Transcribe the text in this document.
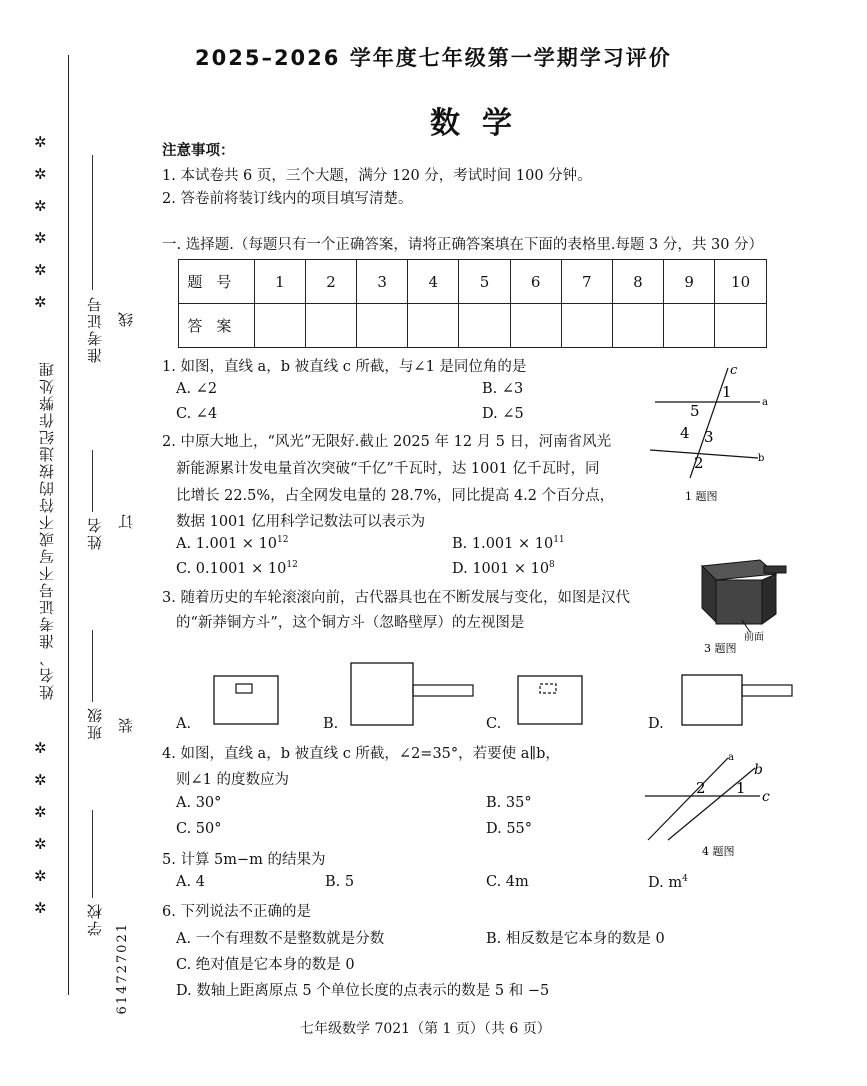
2025–2026 学年度七年级第一学期学习评价
数学
✲
✲
✲
✲
✲
✲
✲
✲
✲
✲
✲
✲
姓名、准考证号不写或不符的按违纪作弊处理
准考证号 线
姓名 订
班级 装
学校
614727021
注意事项：
1. 本试卷共 6 页，三个大题，满分 120 分，考试时间 100 分钟。
2. 答卷前将装订线内的项目填写清楚。
一. 选择题.（每题只有一个正确答案，请将正确答案填在下面的表格里.每题 3 分，共 30 分）
题号	1	2	3	4	5	6	7	8	9	10
答案										
1. 如图，直线 a，b 被直线 c 所截，与∠1 是同位角的是
A. ∠2	B. ∠3
C. ∠4	D. ∠5
c
a
b
1
5
3
4
2
1 题图
2. 中原大地上，“风光”无限好.截止 2025 年 12 月 5 日，河南省风光
新能源累计发电量首次突破“千亿”千瓦时，达 1001 亿千瓦时，同
比增长 22.5%，占全网发电量的 28.7%，同比提高 4.2 个百分点，
数据 1001 亿用科学记数法可以表示为
A. $1.001 \times 10^{12}$	B. $1.001 \times 10^{11}$
C. $0.1001 \times 10^{12}$	D. $1001 \times 10^8$
3. 随着历史的车轮滚滚向前，古代器具也在不断发展与变化，如图是汉代
的“新莽铜方斗”，这个铜方斗（忽略壁厚）的左视图是
前面
3 题图
A.	B.	C.	D.
4. 如图，直线 a，b 被直线 c 所截，∠2=35°，若要使 a∥b，
则∠1 的度数应为
A. 30°	B. 35°
C. 50°	D. 55°
a
b
c
2 1
4 题图
5. 计算 5m−m 的结果为
A. 4	B. 5	C. 4m	D. $m^4$
6. 下列说法不正确的是
A. 一个有理数不是整数就是分数	B. 相反数是它本身的数是 0
C. 绝对值是它本身的数是 0
D. 数轴上距离原点 5 个单位长度的点表示的数是 5 和 −5
七年级数学 7021（第 1 页）（共 6 页）
